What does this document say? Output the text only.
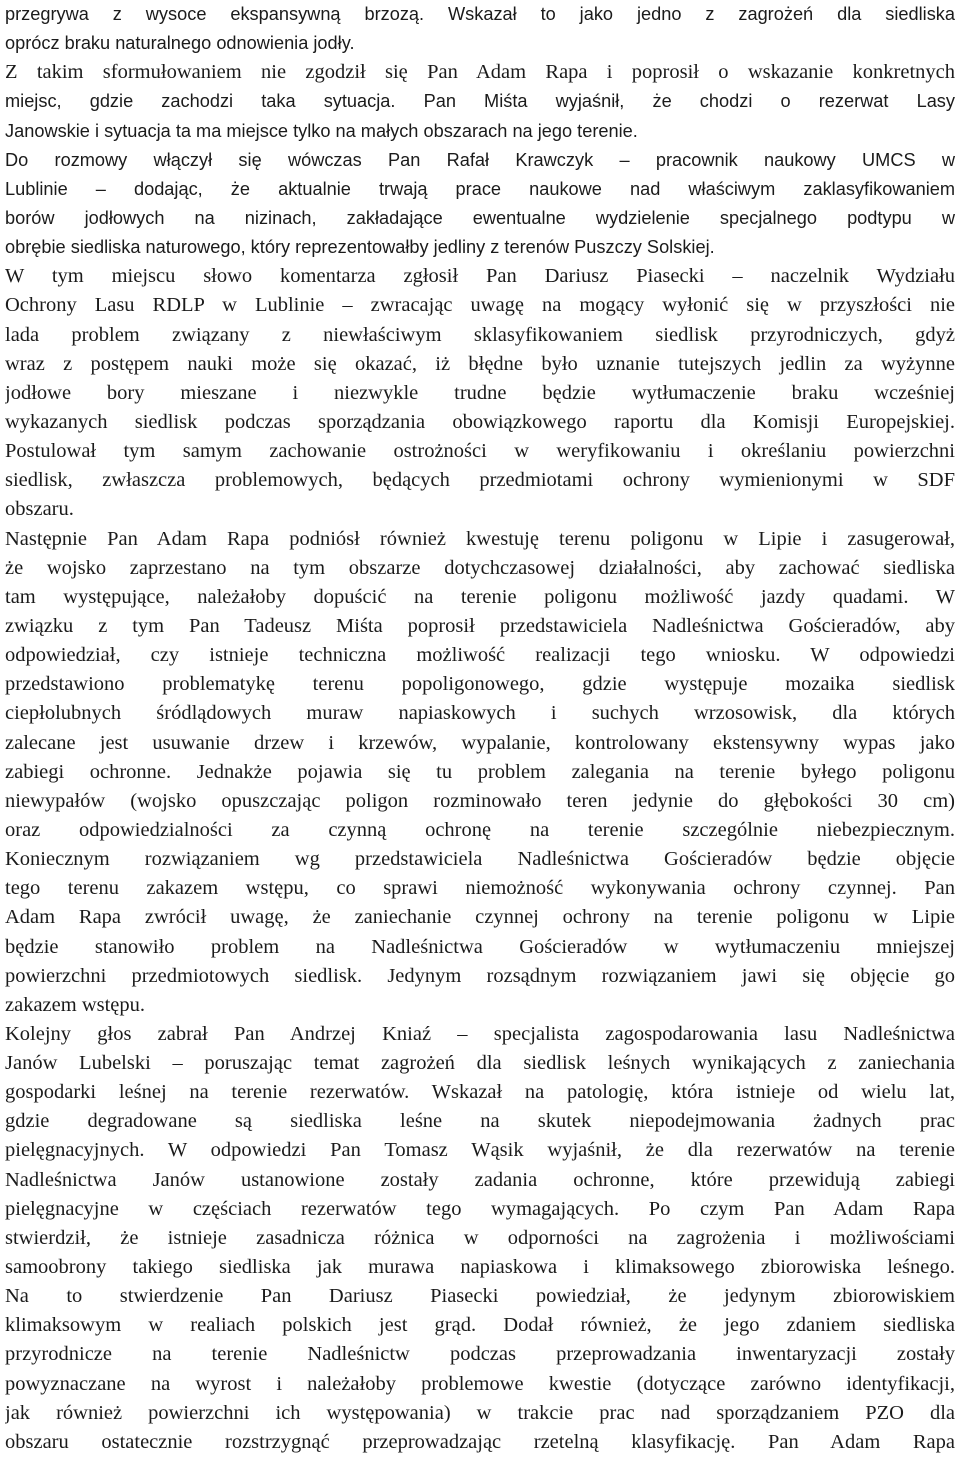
przegrywa z wysoce ekspansywną brzozą. Wskazał to jako jedno z zagrożeń dla siedliska
oprócz braku naturalnego odnowienia jodły.
Z takim sformułowaniem nie zgodził się Pan Adam Rapa i poprosił o wskazanie konkretnych
miejsc, gdzie zachodzi taka sytuacja. Pan Miśta wyjaśnił, że chodzi o rezerwat Lasy
Janowskie i sytuacja ta ma miejsce tylko na małych obszarach na jego terenie.
Do rozmowy włączył się wówczas Pan Rafał Krawczyk – pracownik naukowy UMCS w
Lublinie – dodając, że aktualnie trwają prace naukowe nad właściwym zaklasyfikowaniem
borów jodłowych na nizinach, zakładające ewentualne wydzielenie specjalnego podtypu w
obrębie siedliska naturowego, który reprezentowałby jedliny z terenów Puszczy Solskiej.
W tym miejscu słowo komentarza zgłosił Pan Dariusz Piasecki – naczelnik Wydziału
Ochrony Lasu RDLP w Lublinie – zwracając uwagę na mogący wyłonić się w przyszłości nie
lada problem związany z niewłaściwym sklasyfikowaniem siedlisk przyrodniczych, gdyż
wraz z postępem nauki może się okazać, iż błędne było uznanie tutejszych jedlin za wyżynne
jodłowe bory mieszane i niezwykle trudne będzie wytłumaczenie braku wcześniej
wykazanych siedlisk podczas sporządzania obowiązkowego raportu dla Komisji Europejskiej.
Postulował tym samym zachowanie ostrożności w weryfikowaniu i określaniu powierzchni
siedlisk, zwłaszcza problemowych, będących przedmiotami ochrony wymienionymi w SDF
obszaru.
Następnie Pan Adam Rapa podniósł również kwestuję terenu poligonu w Lipie i zasugerował,
że wojsko zaprzestano na tym obszarze dotychczasowej działalności, aby zachować siedliska
tam występujące, należałoby dopuścić na terenie poligonu możliwość jazdy quadami. W
związku z tym Pan Tadeusz Miśta poprosił przedstawiciela Nadleśnictwa Gościeradów, aby
odpowiedział, czy istnieje techniczna możliwość realizacji tego wniosku. W odpowiedzi
przedstawiono problematykę terenu popoligonowego, gdzie występuje mozaika siedlisk
ciepłolubnych śródlądowych muraw napiaskowych i suchych wrzosowisk, dla których
zalecane jest usuwanie drzew i krzewów, wypalanie, kontrolowany ekstensywny wypas jako
zabiegi ochronne. Jednakże pojawia się tu problem zalegania na terenie byłego poligonu
niewypałów (wojsko opuszczając poligon rozminowało teren jedynie do głębokości 30 cm)
oraz odpowiedzialności za czynną ochronę na terenie szczególnie niebezpiecznym.
Koniecznym rozwiązaniem wg przedstawiciela Nadleśnictwa Gościeradów będzie objęcie
tego terenu zakazem wstępu, co sprawi niemożność wykonywania ochrony czynnej. Pan
Adam Rapa zwrócił uwagę, że zaniechanie czynnej ochrony na terenie poligonu w Lipie
będzie stanowiło problem na Nadleśnictwa Gościeradów w wytłumaczeniu mniejszej
powierzchni przedmiotowych siedlisk. Jedynym rozsądnym rozwiązaniem jawi się objęcie go
zakazem wstępu.
Kolejny głos zabrał Pan Andrzej Kniaź – specjalista zagospodarowania lasu Nadleśnictwa
Janów Lubelski – poruszając temat zagrożeń dla siedlisk leśnych wynikających z zaniechania
gospodarki leśnej na terenie rezerwatów. Wskazał na patologię, która istnieje od wielu lat,
gdzie degradowane są siedliska leśne na skutek niepodejmowania żadnych prac
pielęgnacyjnych. W odpowiedzi Pan Tomasz Wąsik wyjaśnił, że dla rezerwatów na terenie
Nadleśnictwa Janów ustanowione zostały zadania ochronne, które przewidują zabiegi
pielęgnacyjne w częściach rezerwatów tego wymagających. Po czym Pan Adam Rapa
stwierdził, że istnieje zasadnicza różnica w odporności na zagrożenia i możliwościami
samoobrony takiego siedliska jak murawa napiaskowa i klimaksowego zbiorowiska leśnego.
Na to stwierdzenie Pan Dariusz Piasecki powiedział, że jedynym zbiorowiskiem
klimaksowym w realiach polskich jest grąd. Dodał również, że jego zdaniem siedliska
przyrodnicze na terenie Nadleśnictw podczas przeprowadzania inwentaryzacji zostały
powyznaczane na wyrost i należałoby problemowe kwestie (dotyczące zarówno identyfikacji,
jak również powierzchni ich występowania) w trakcie prac nad sporządzaniem PZO dla
obszaru ostatecznie rozstrzygnąć przeprowadzając rzetelną klasyfikację. Pan Adam Rapa
